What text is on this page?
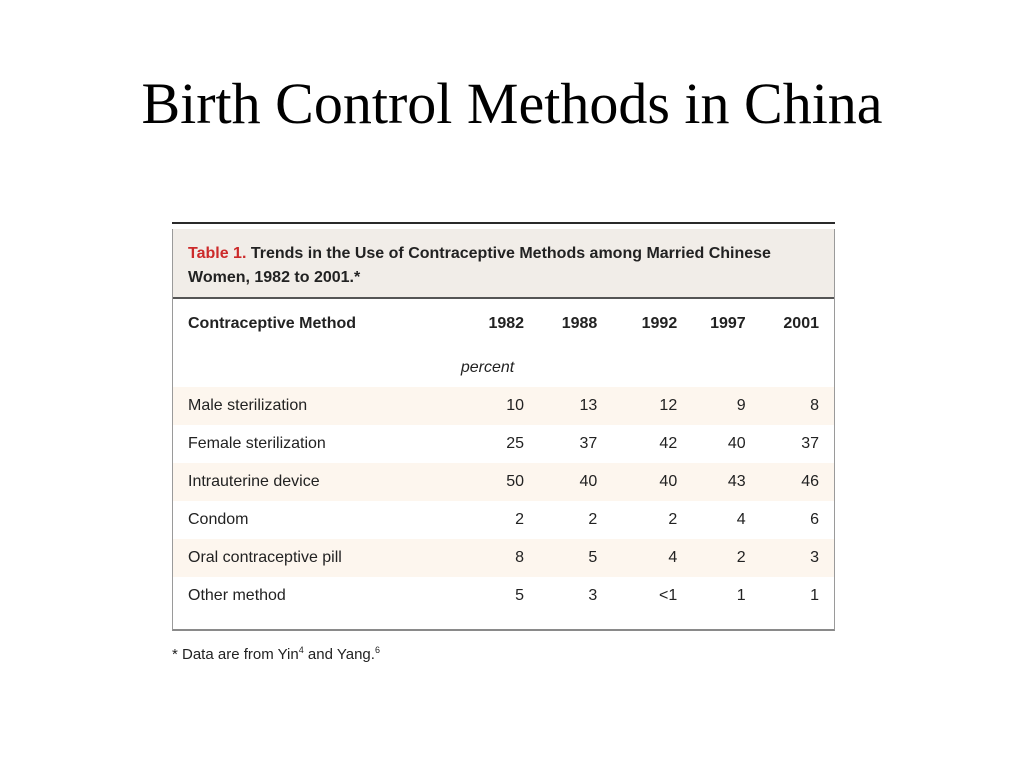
Birth Control Methods in China
Table 1. Trends in the Use of Contraceptive Methods among Married Chinese Women, 1982 to 2001.*
Contraceptive Method	1982	1988	1992	1997	2001

percent					

Male sterilization	10	13	12	9	8
Female sterilization	25	37	42	40	37
Intrauterine device	50	40	40	43	46
Condom	2	2	2	4	6
Oral contraceptive pill	8	5	4	2	3
Other method	5	3	<1	1	1
* Data are from Yin$^4$ and Yang.$^6$
